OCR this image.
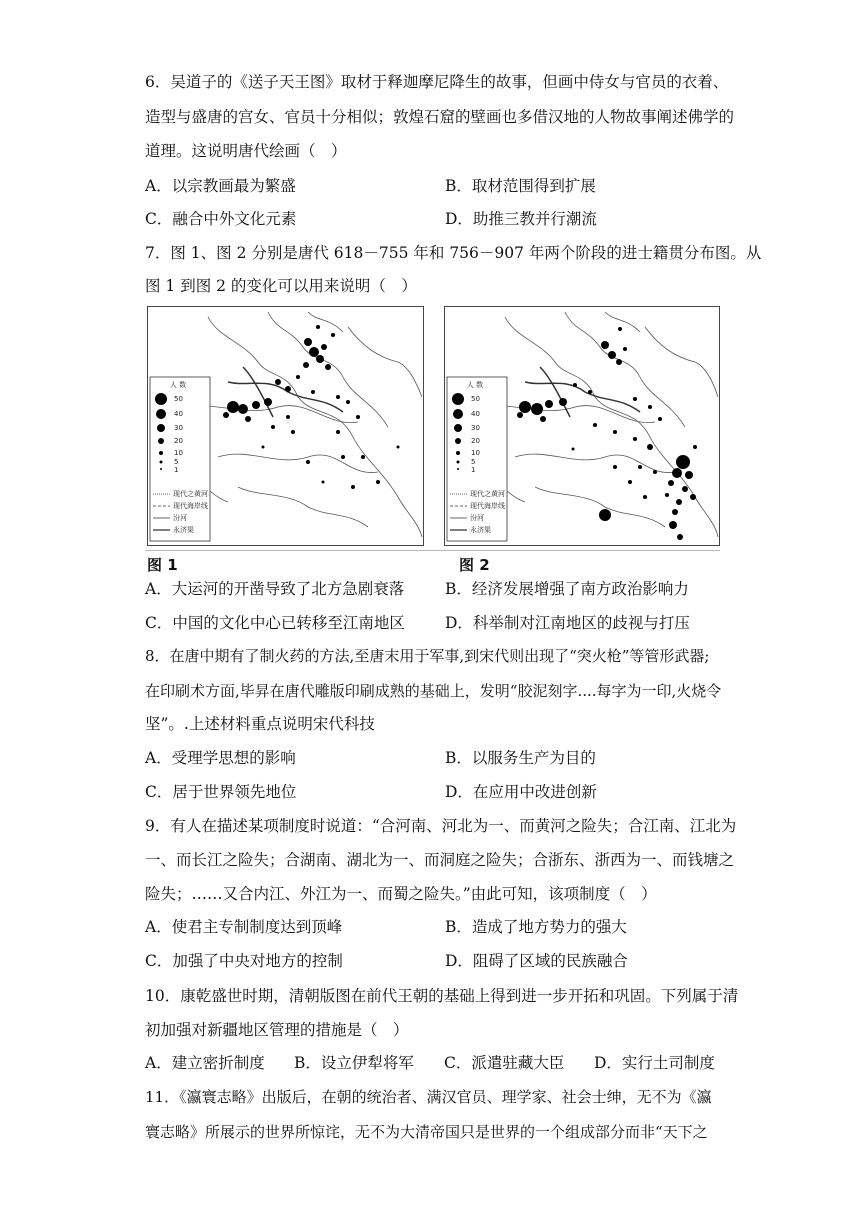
6．吴道子的《送子天王图》取材于释迦摩尼降生的故事，但画中侍女与官员的衣着、
造型与盛唐的宫女、官员十分相似；敦煌石窟的壁画也多借汉地的人物故事阐述佛学的
道理。这说明唐代绘画（　）
A．以宗教画最为繁盛	B．取材范围得到扩展
C．融合中外文化元素	D．助推三教并行潮流
7．图 1、图 2 分别是唐代 618－755 年和 756－907 年两个阶段的进士籍贯分布图。从
图 1 到图 2 的变化可以用来说明（　）
人 数
50
40
30
20
10
5
1
现代之黄河
现代海岸线
汾河
永济渠
人 数
50
40
30
20
10
5
1
现代之黄河
现代海岸线
汾河
永济渠
图 1	图 2
A．大运河的开凿导致了北方急剧衰落	B．经济发展增强了南方政治影响力
C．中国的文化中心已转移至江南地区	D．科举制对江南地区的歧视与打压
8．在唐中期有了制火药的方法,至唐末用于军事,到宋代则出现了“突火枪”等管形武器;
在印刷术方面,毕昇在唐代雕版印刷成熟的基础上，发明“胶泥刻字....每字为一印,火烧令
坚”。.上述材料重点说明宋代科技
A．受理学思想的影响	B．以服务生产为目的
C．居于世界领先地位	D．在应用中改进创新
9．有人在描述某项制度时说道：“合河南、河北为一、而黄河之险失；合江南、江北为
一、而长江之险失；合湖南、湖北为一、而洞庭之险失；合浙东、浙西为一、而钱塘之
险失；……又合内江、外江为一、而蜀之险失。”由此可知，该项制度（　）
A．使君主专制制度达到顶峰	B．造成了地方势力的强大
C．加强了中央对地方的控制	D．阻碍了区域的民族融合
10．康乾盛世时期，清朝版图在前代王朝的基础上得到进一步开拓和巩固。下列属于清
初加强对新疆地区管理的措施是（　）
A．建立密折制度 B．设立伊犁将军 C．派遣驻藏大臣 D．实行土司制度
11．《瀛寰志略》出版后，在朝的统治者、满汉官员、理学家、社会士绅，无不为《瀛
寰志略》所展示的世界所惊诧，无不为大清帝国只是世界的一个组成部分而非“天下之
